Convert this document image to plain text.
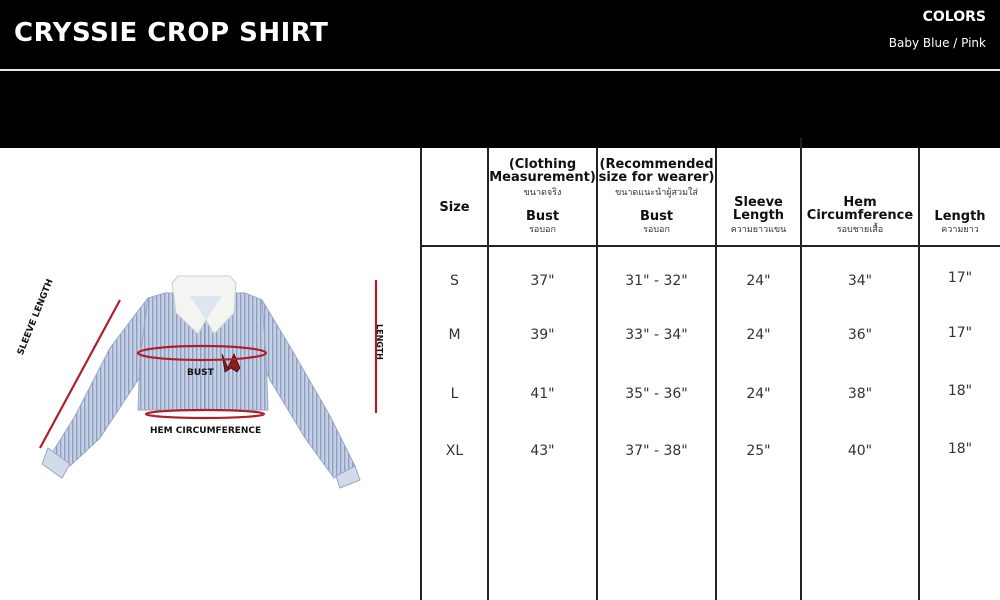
CRYSSIE CROP SHIRT
COLORS
Baby Blue / Pink
BUST
HEM CIRCUMFERENCE
SLEEVE LENGTH	LENGTH
Size
S
M
L
XL
(Clothing
Measurement)
ขนาดจริง
Bust
รอบอก
37"
39"
41"
43"
(Recommended
size for wearer)
ขนาดแนะนำผู้สวมใส่
Bust
รอบอก
31" - 32"
33" - 34"
35" - 36"
37" - 38"
Sleeve
Length
ความยาวแขน
24"
24"
24"
25"
Hem
Circumference
รอบชายเสื้อ
34"
36"
38"
40"
Length
ความยาว
17"
17"
18"
18"
